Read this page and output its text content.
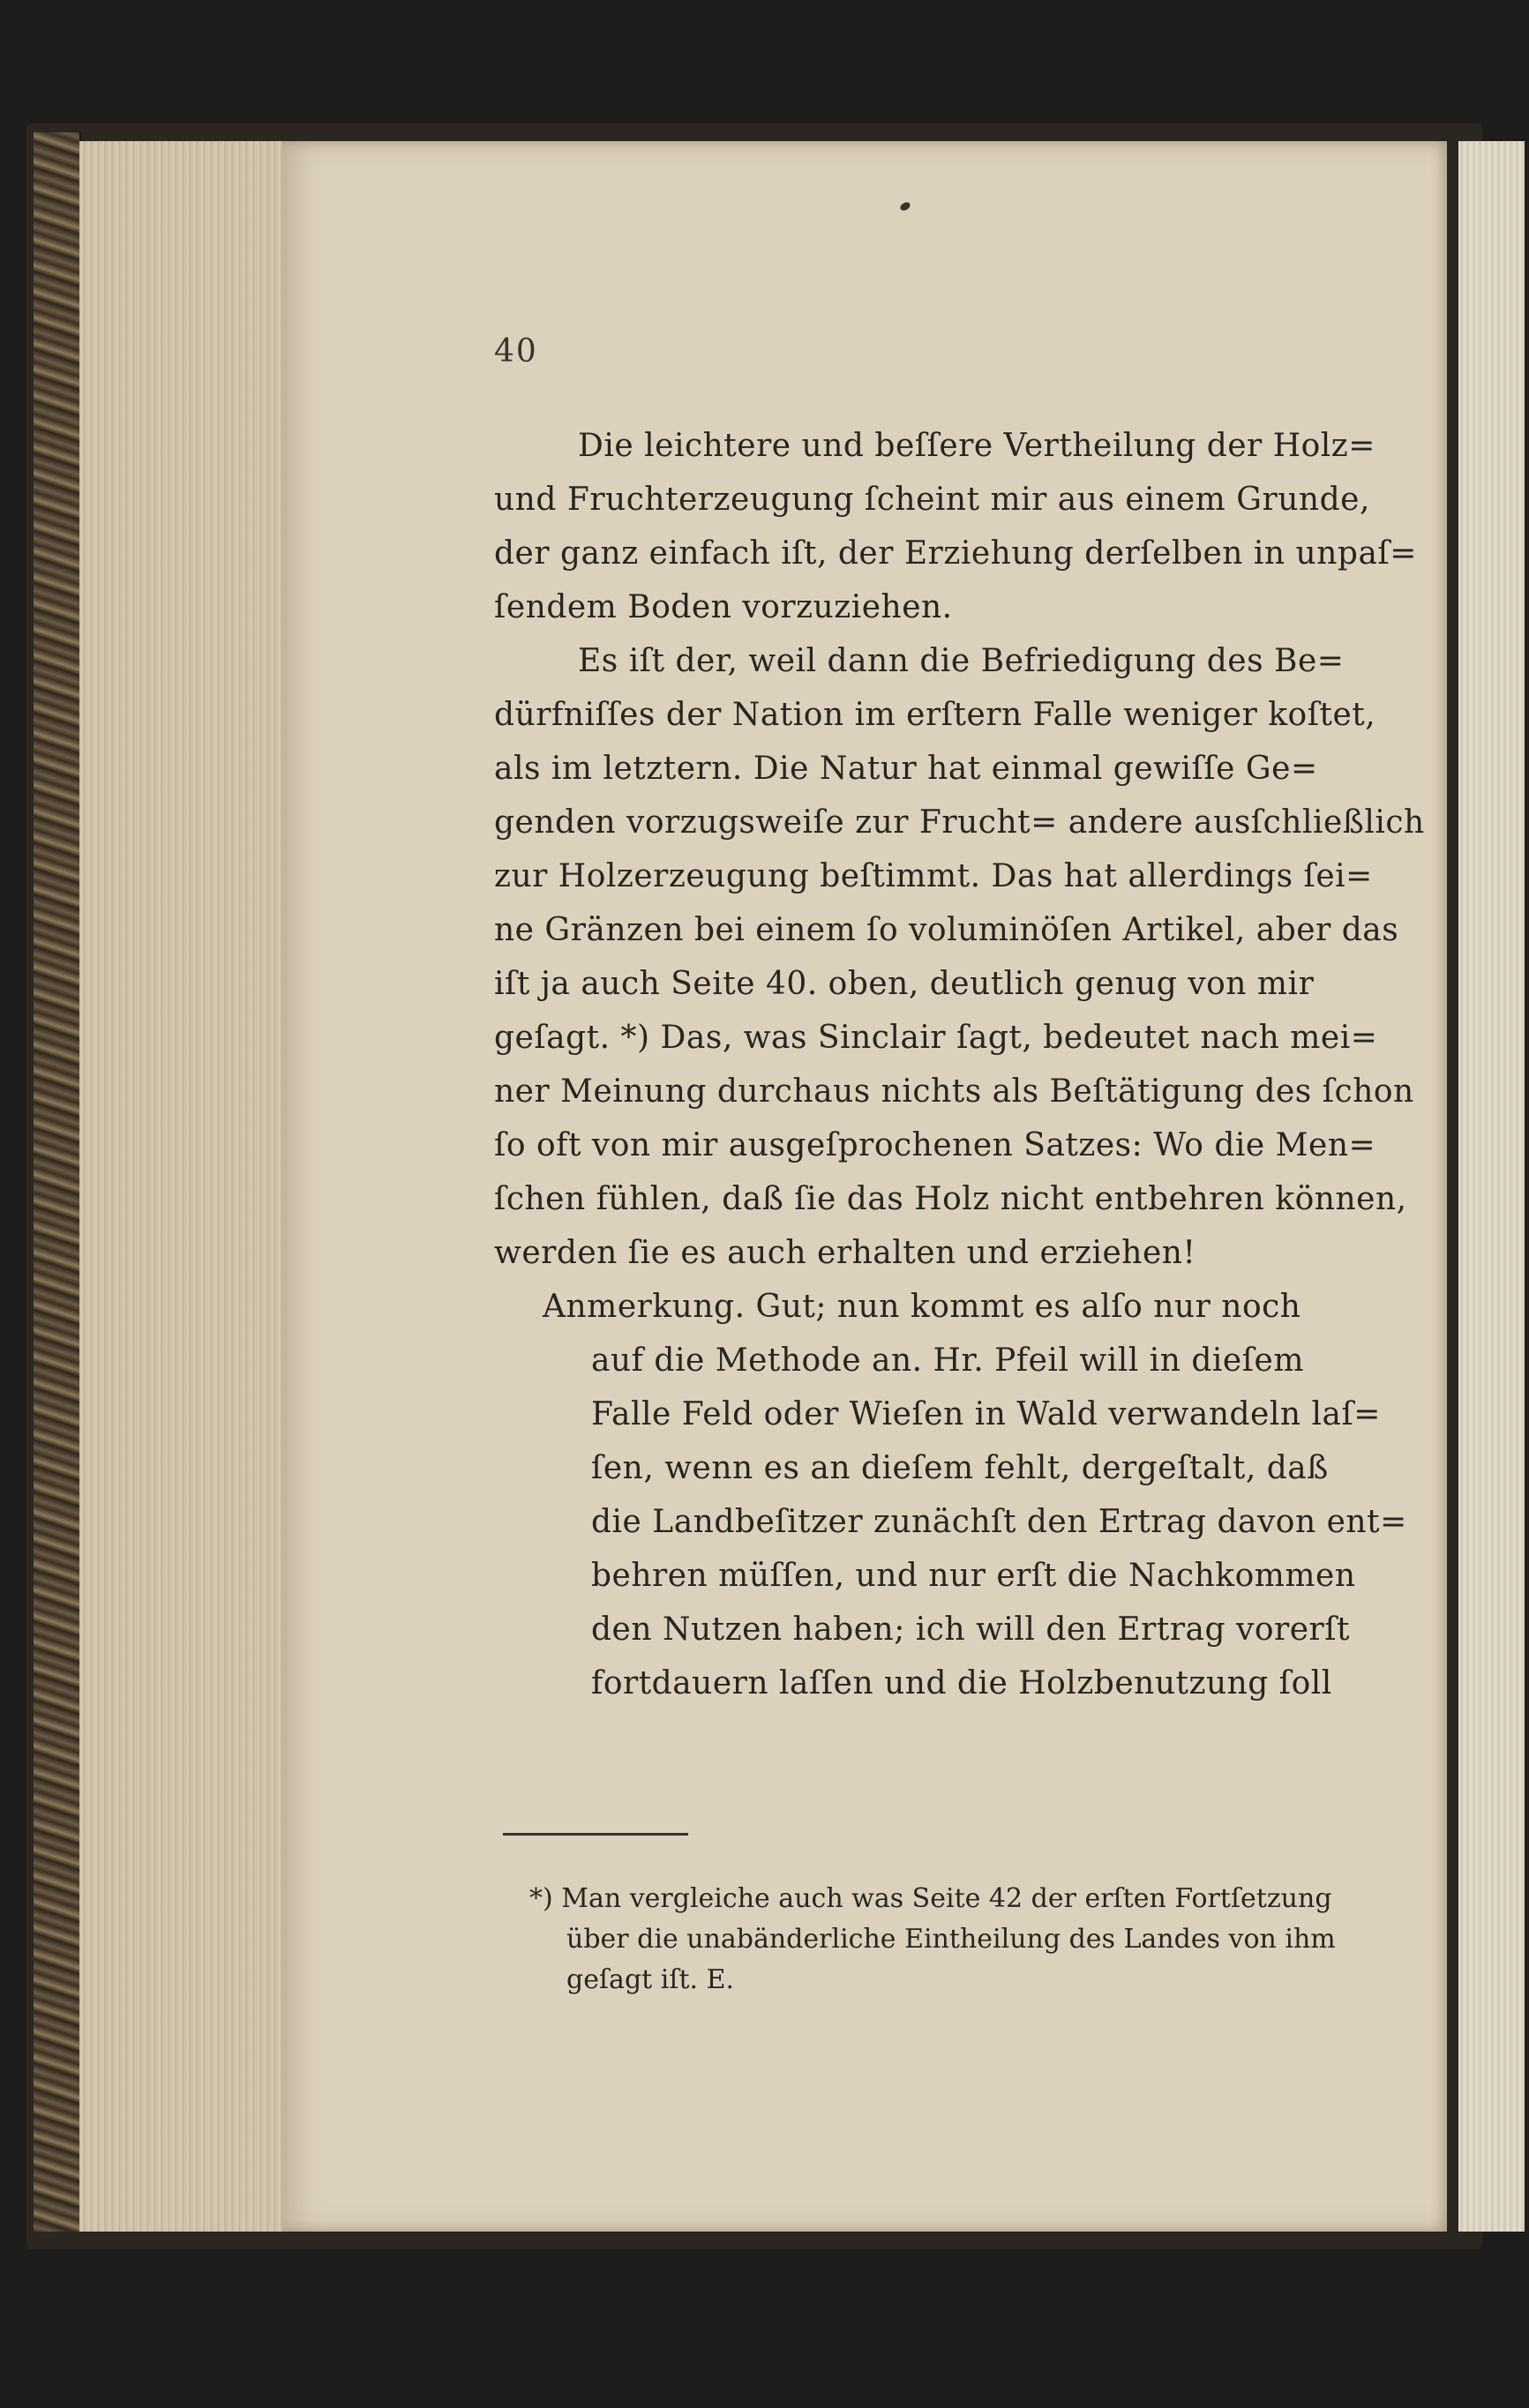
40
Die leichtere und beſſere Vertheilung der Holz=
und Fruchterzeugung ſcheint mir aus einem Grunde,
der ganz einfach iſt, der Erziehung derſelben in unpaſ=
ſendem Boden vorzuziehen.
Es iſt der, weil dann die Befriedigung des Be=
dürfniſſes der Nation im erſtern Falle weniger koſtet,
als im letztern. Die Natur hat einmal gewiſſe Ge=
genden vorzugsweiſe zur Frucht= andere ausſchließlich
zur Holzerzeugung beſtimmt. Das hat allerdings ſei=
ne Gränzen bei einem ſo voluminöſen Artikel, aber das
iſt ja auch Seite 40. oben, deutlich genug von mir
geſagt. *) Das, was Sinclair ſagt, bedeutet nach mei=
ner Meinung durchaus nichts als Beſtätigung des ſchon
ſo oft von mir ausgeſprochenen Satzes: Wo die Men=
ſchen fühlen, daß ſie das Holz nicht entbehren können,
werden ſie es auch erhalten und erziehen!
Anmerkung. Gut; nun kommt es alſo nur noch
auf die Methode an. Hr. Pfeil will in dieſem
Falle Feld oder Wieſen in Wald verwandeln laſ=
ſen, wenn es an dieſem fehlt, dergeſtalt, daß
die Landbeſitzer zunächſt den Ertrag davon ent=
behren müſſen, und nur erſt die Nachkommen
den Nutzen haben; ich will den Ertrag vorerſt
fortdauern laſſen und die Holzbenutzung ſoll
*) Man vergleiche auch was Seite 42 der erſten Fortſetzung
über die unabänderliche Eintheilung des Landes von ihm
geſagt iſt. E.
